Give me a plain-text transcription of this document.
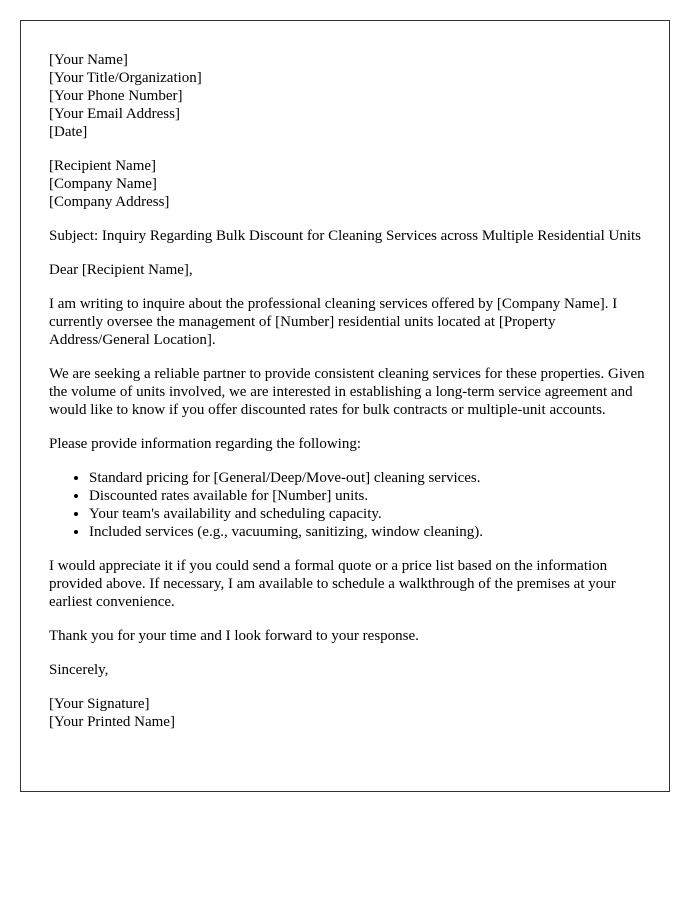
[Your Name]
[Your Title/Organization]
[Your Phone Number]
[Your Email Address]
[Date]
[Recipient Name]
[Company Name]
[Company Address]

Subject: Inquiry Regarding Bulk Discount for Cleaning Services across Multiple Residential Units

Dear [Recipient Name],

I am writing to inquire about the professional cleaning services offered by [Company Name]. I currently oversee the management of [Number] residential units located at [Property Address/General Location].

We are seeking a reliable partner to provide consistent cleaning services for these properties. Given the volume of units involved, we are interested in establishing a long-term service agreement and would like to know if you offer discounted rates for bulk contracts or multiple-unit accounts.

Please provide information regarding the following:

• Standard pricing for [General/Deep/Move-out] cleaning services.
• Discounted rates available for [Number] units.
• Your team's availability and scheduling capacity.
• Included services (e.g., vacuuming, sanitizing, window cleaning).

I would appreciate it if you could send a formal quote or a price list based on the information provided above. If necessary, I am available to schedule a walkthrough of the premises at your earliest convenience.

Thank you for your time and I look forward to your response.

Sincerely,

[Your Signature]
[Your Printed Name]
